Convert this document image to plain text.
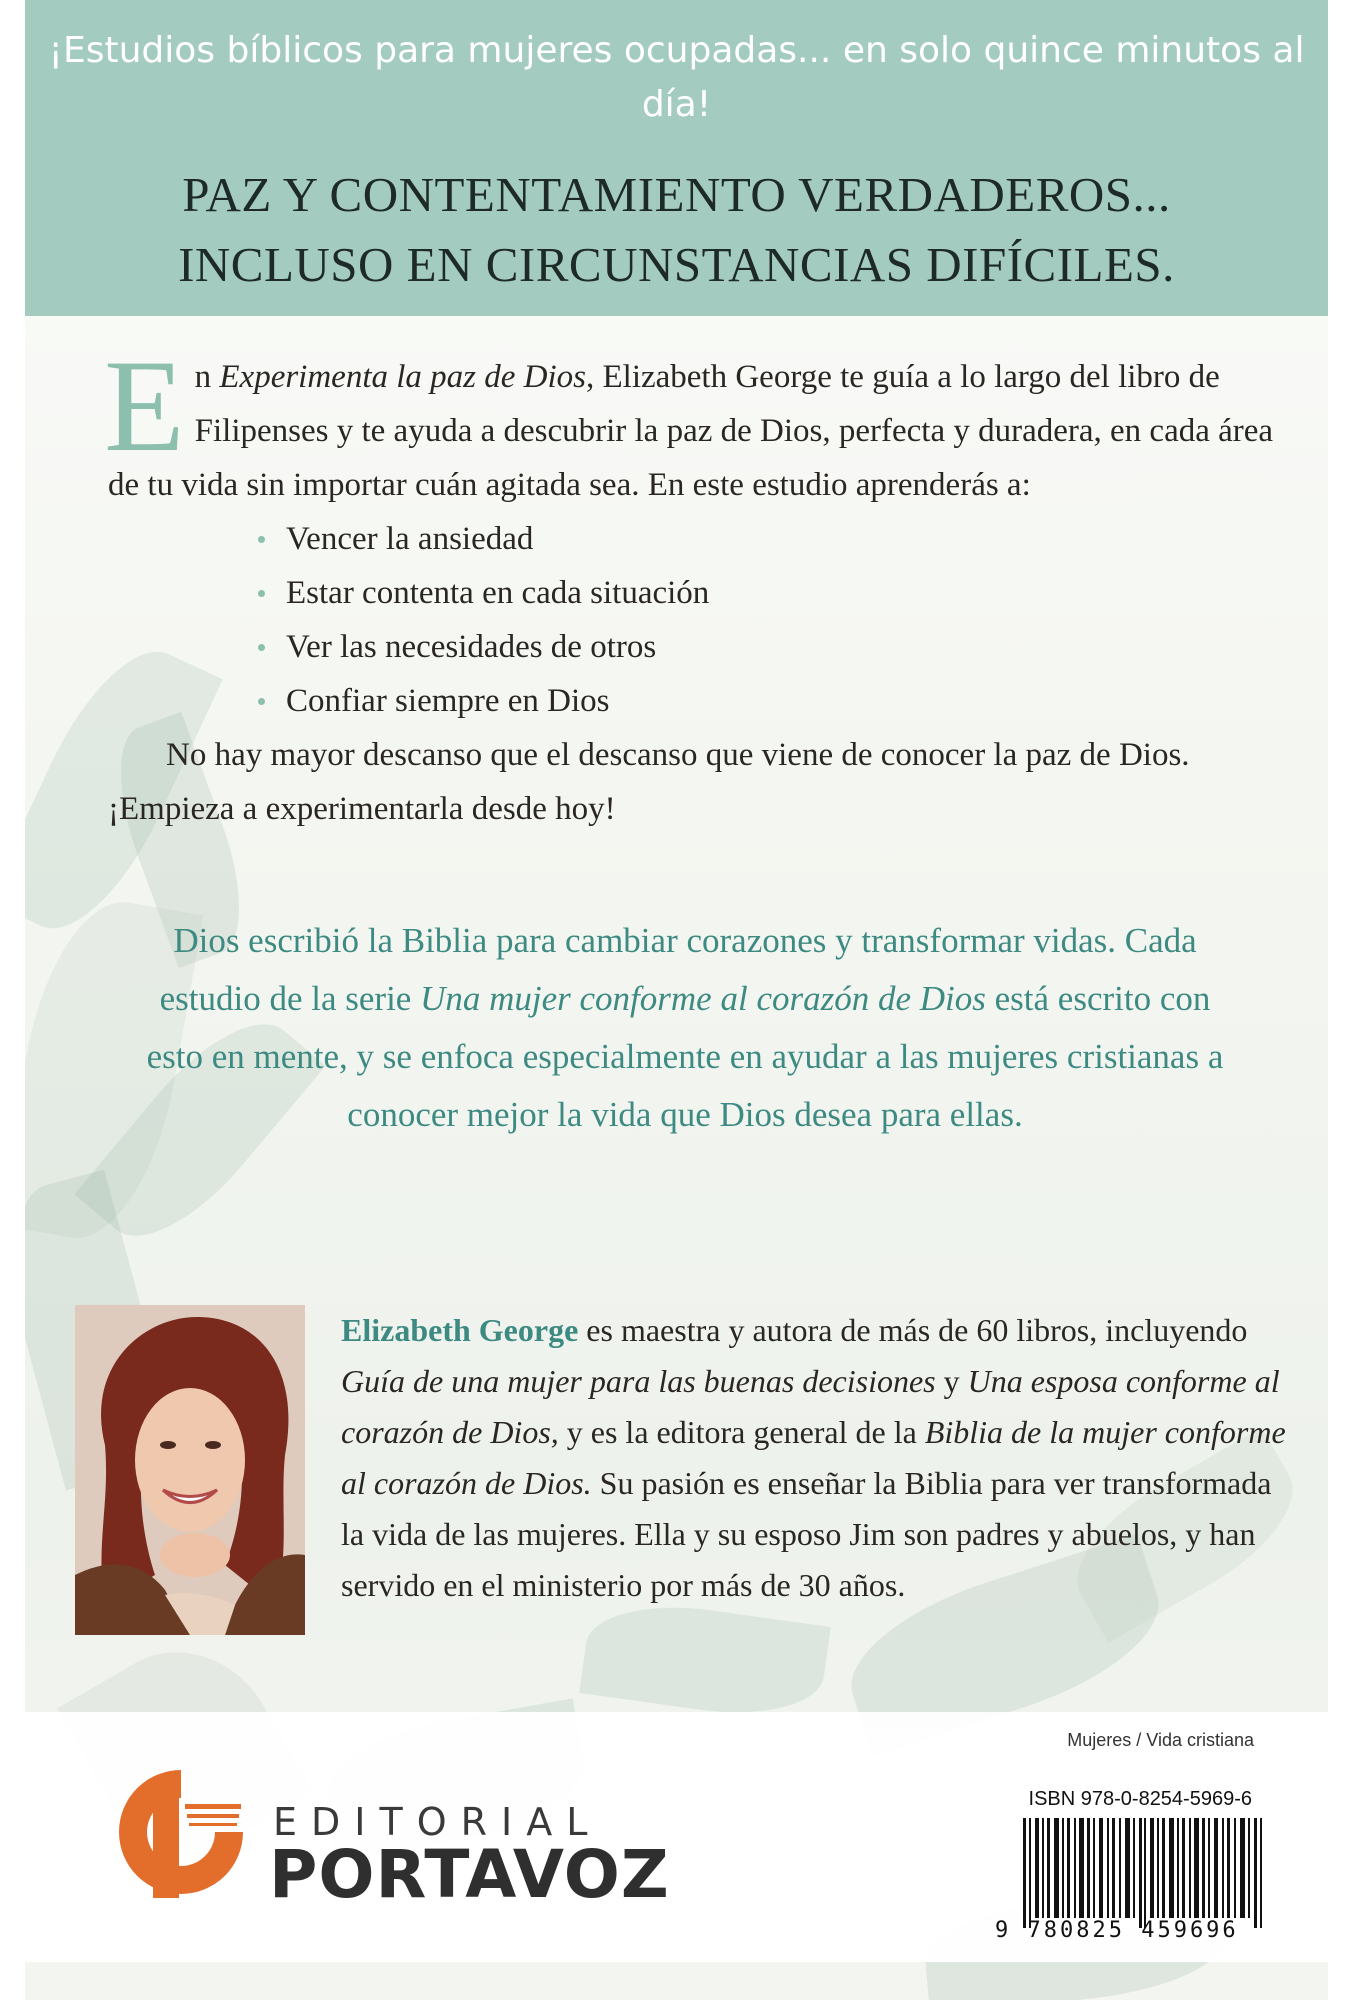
¡Estudios bíblicos para mujeres ocupadas... en solo quince minutos al día!
PAZ Y CONTENTAMIENTO VERDADEROS...
INCLUSO EN CIRCUNSTANCIAS DIFÍCILES.
En Experimenta la paz de Dios, Elizabeth George te guía a lo largo del libro de Filipenses y te ayuda a descubrir la paz de Dios, perfecta y duradera, en cada área de tu vida sin importar cuán agitada sea. En este estudio aprenderás a:
Vencer la ansiedad
Estar contenta en cada situación
Ver las necesidades de otros
Confiar siempre en Dios
No hay mayor descanso que el descanso que viene de conocer la paz de Dios. ¡Empieza a experimentarla desde hoy!
Dios escribió la Biblia para cambiar corazones y transformar vidas. Cada estudio de la serie Una mujer conforme al corazón de Dios está escrito con esto en mente, y se enfoca especialmente en ayudar a las mujeres cristianas a conocer mejor la vida que Dios desea para ellas.
Elizabeth George es maestra y autora de más de 60 libros, incluyendo Guía de una mujer para las buenas decisiones y Una esposa conforme al corazón de Dios, y es la editora general de la Biblia de la mujer conforme al corazón de Dios. Su pasión es enseñar la Biblia para ver transformada la vida de las mujeres. Ella y su esposo Jim son padres y abuelos, y han servido en el ministerio por más de 30 años.
EDITORIAL
PORTAVOZ
Mujeres / Vida cristiana
ISBN 978-0-8254-5969-6
9 780825 459696
